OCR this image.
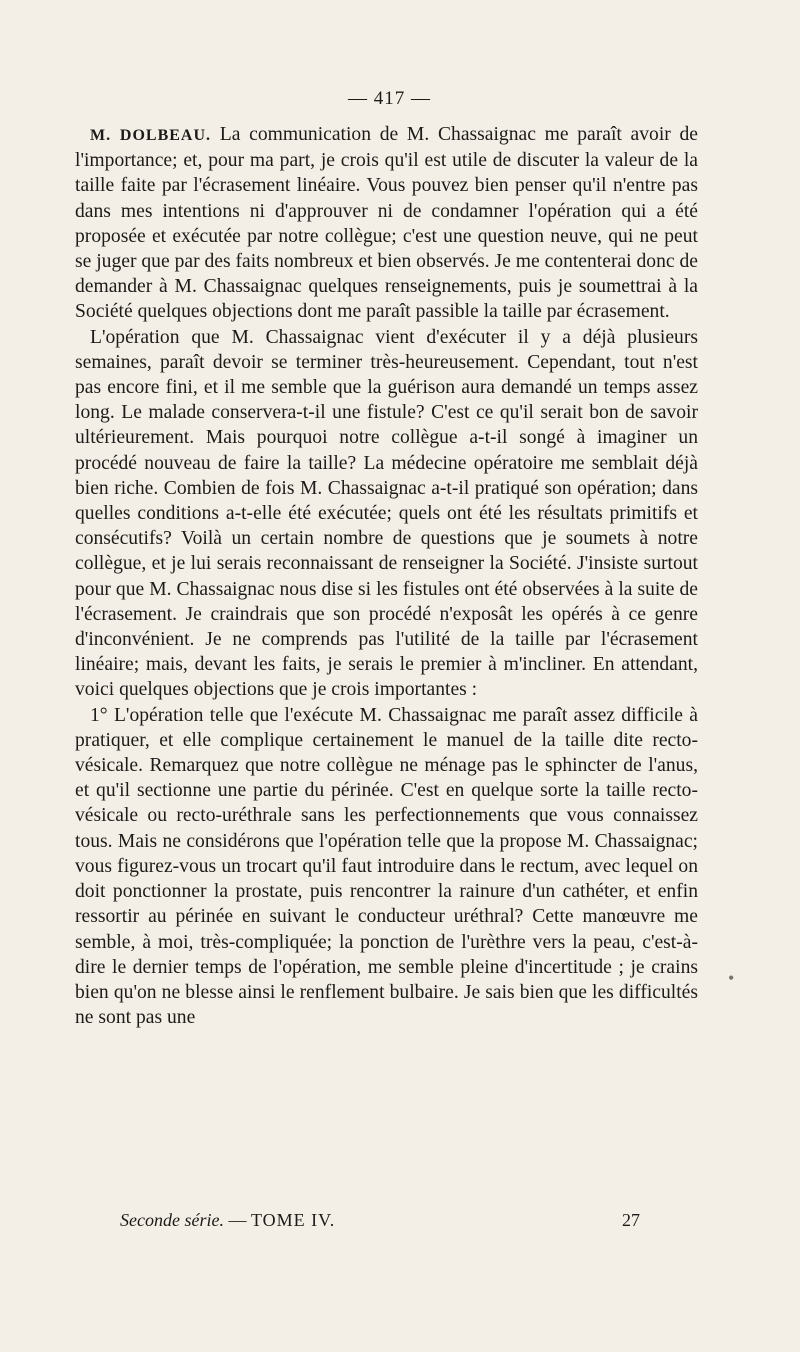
— 417 —

M. DOLBEAU. La communication de M. Chassaignac me paraît avoir de l'importance; et, pour ma part, je crois qu'il est utile de discuter la valeur de la taille faite par l'écrasement linéaire. Vous pouvez bien penser qu'il n'entre pas dans mes intentions ni d'approuver ni de condamner l'opération qui a été proposée et exécutée par notre collègue; c'est une question neuve, qui ne peut se juger que par des faits nombreux et bien observés. Je me contenterai donc de demander à M. Chassaignac quelques renseignements, puis je soumettrai à la Société quelques objections dont me paraît passible la taille par écrasement.

L'opération que M. Chassaignac vient d'exécuter il y a déjà plusieurs semaines, paraît devoir se terminer très-heureusement. Cependant, tout n'est pas encore fini, et il me semble que la guérison aura demandé un temps assez long. Le malade conservera-t-il une fistule? C'est ce qu'il serait bon de savoir ultérieurement. Mais pourquoi notre collègue a-t-il songé à imaginer un procédé nouveau de faire la taille? La médecine opératoire me semblait déjà bien riche. Combien de fois M. Chassaignac a-t-il pratiqué son opération; dans quelles conditions a-t-elle été exécutée; quels ont été les résultats primitifs et consécutifs? Voilà un certain nombre de questions que je soumets à notre collègue, et je lui serais reconnaissant de renseigner la Société. J'insiste surtout pour que M. Chassaignac nous dise si les fistules ont été observées à la suite de l'écrasement. Je craindrais que son procédé n'exposât les opérés à ce genre d'inconvénient. Je ne comprends pas l'utilité de la taille par l'écrasement linéaire; mais, devant les faits, je serais le premier à m'incliner. En attendant, voici quelques objections que je crois importantes :

1° L'opération telle que l'exécute M. Chassaignac me paraît assez difficile à pratiquer, et elle complique certainement le manuel de la taille dite recto-vésicale. Remarquez que notre collègue ne ménage pas le sphincter de l'anus, et qu'il sectionne une partie du périnée. C'est en quelque sorte la taille recto-vésicale ou recto-uréthrale sans les perfectionnements que vous connaissez tous. Mais ne considérons que l'opération telle que la propose M. Chassaignac; vous figurez-vous un trocart qu'il faut introduire dans le rectum, avec lequel on doit ponctionner la prostate, puis rencontrer la rainure d'un cathéter, et enfin ressortir au périnée en suivant le conducteur uréthral? Cette manœuvre me semble, à moi, très-compliquée; la ponction de l'urèthre vers la peau, c'est-à-dire le dernier temps de l'opération, me semble pleine d'incertitude ; je crains bien qu'on ne blesse ainsi le renflement bulbaire. Je sais bien que les difficultés ne sont pas une

Seconde série. — TOME IV.	27
•
